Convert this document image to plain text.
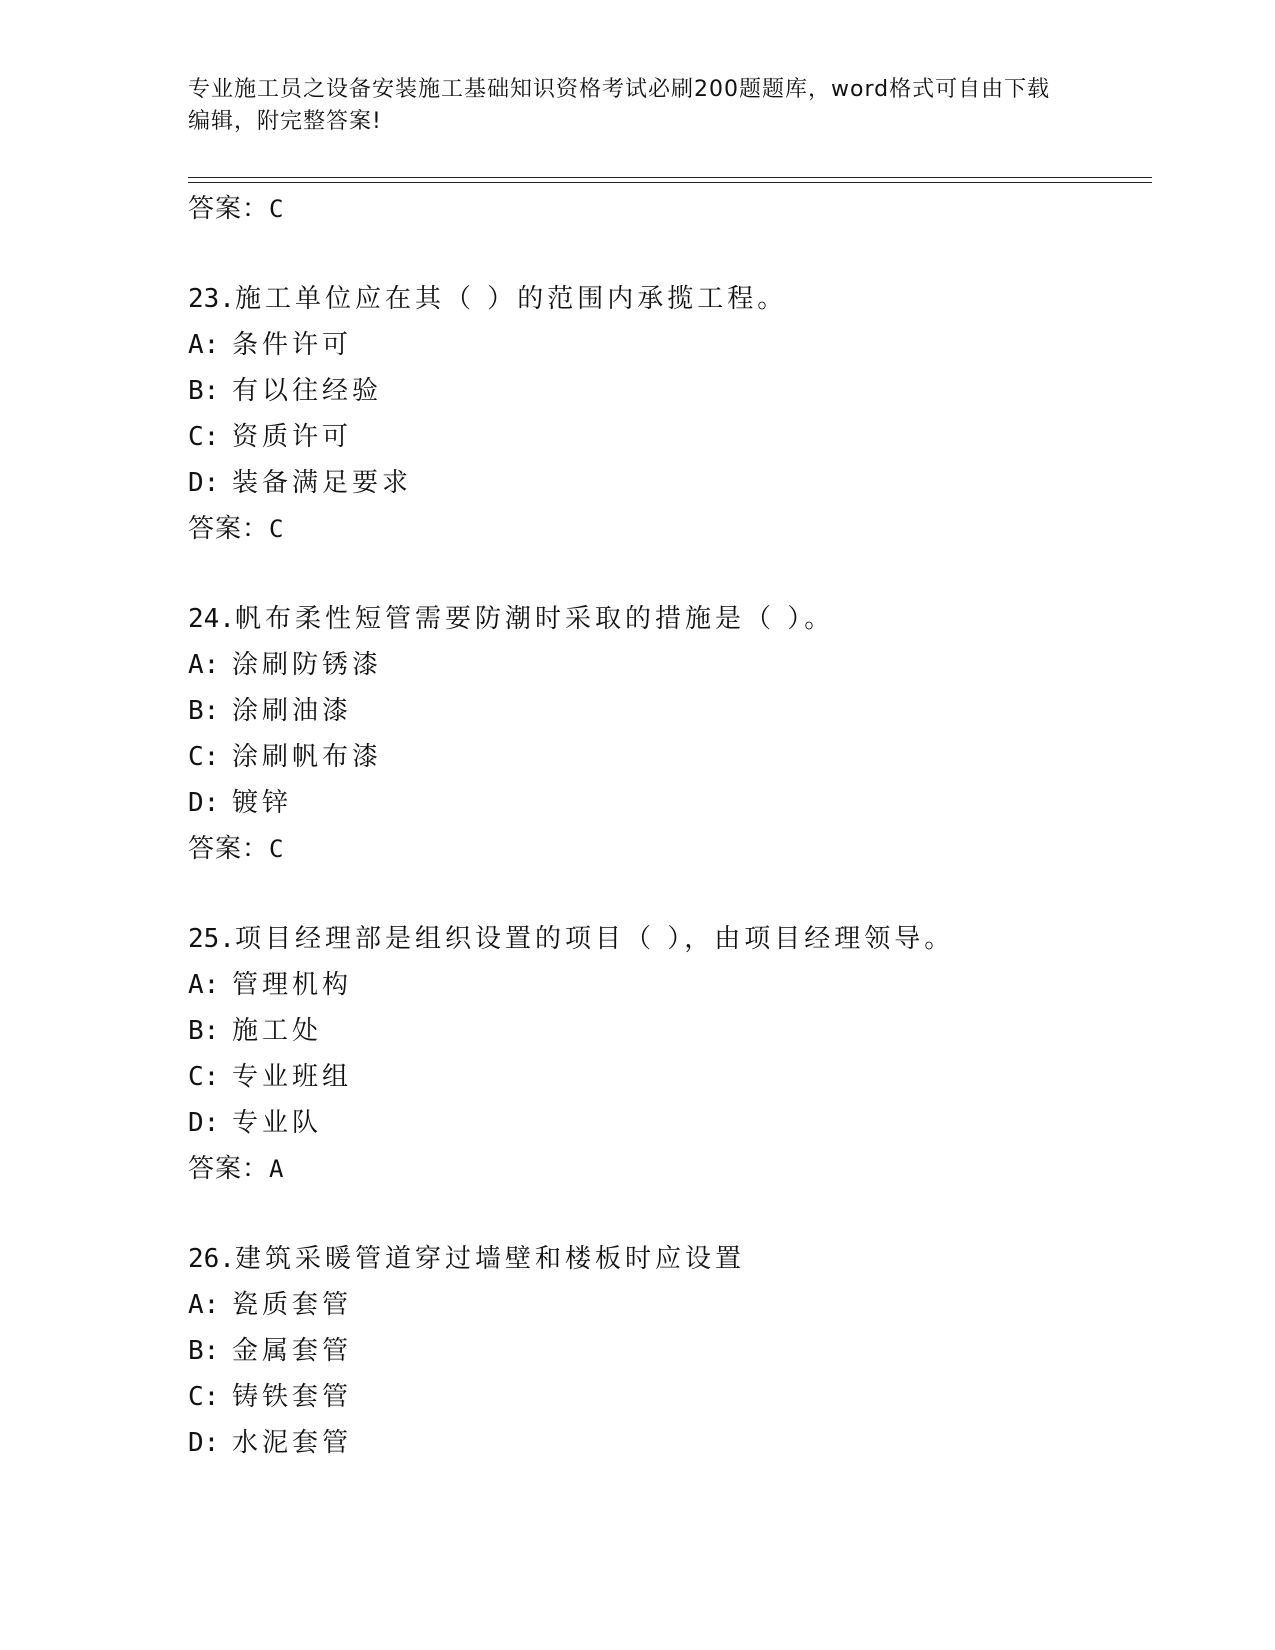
专业施工员之设备安装施工基础知识资格考试必刷200题题库，word格式可自由下载编辑，附完整答案!
答案：C
23.施工单位应在其（ ）的范围内承揽工程。
A: 条件许可
B: 有以往经验
C: 资质许可
D: 装备满足要求
答案：C
24.帆布柔性短管需要防潮时采取的措施是（ ）。
A: 涂刷防锈漆
B: 涂刷油漆
C: 涂刷帆布漆
D: 镀锌
答案：C
25.项目经理部是组织设置的项目（ ），由项目经理领导。
A: 管理机构
B: 施工处
C: 专业班组
D: 专业队
答案：A
26.建筑采暖管道穿过墙壁和楼板时应设置
A: 瓷质套管
B: 金属套管
C: 铸铁套管
D: 水泥套管
